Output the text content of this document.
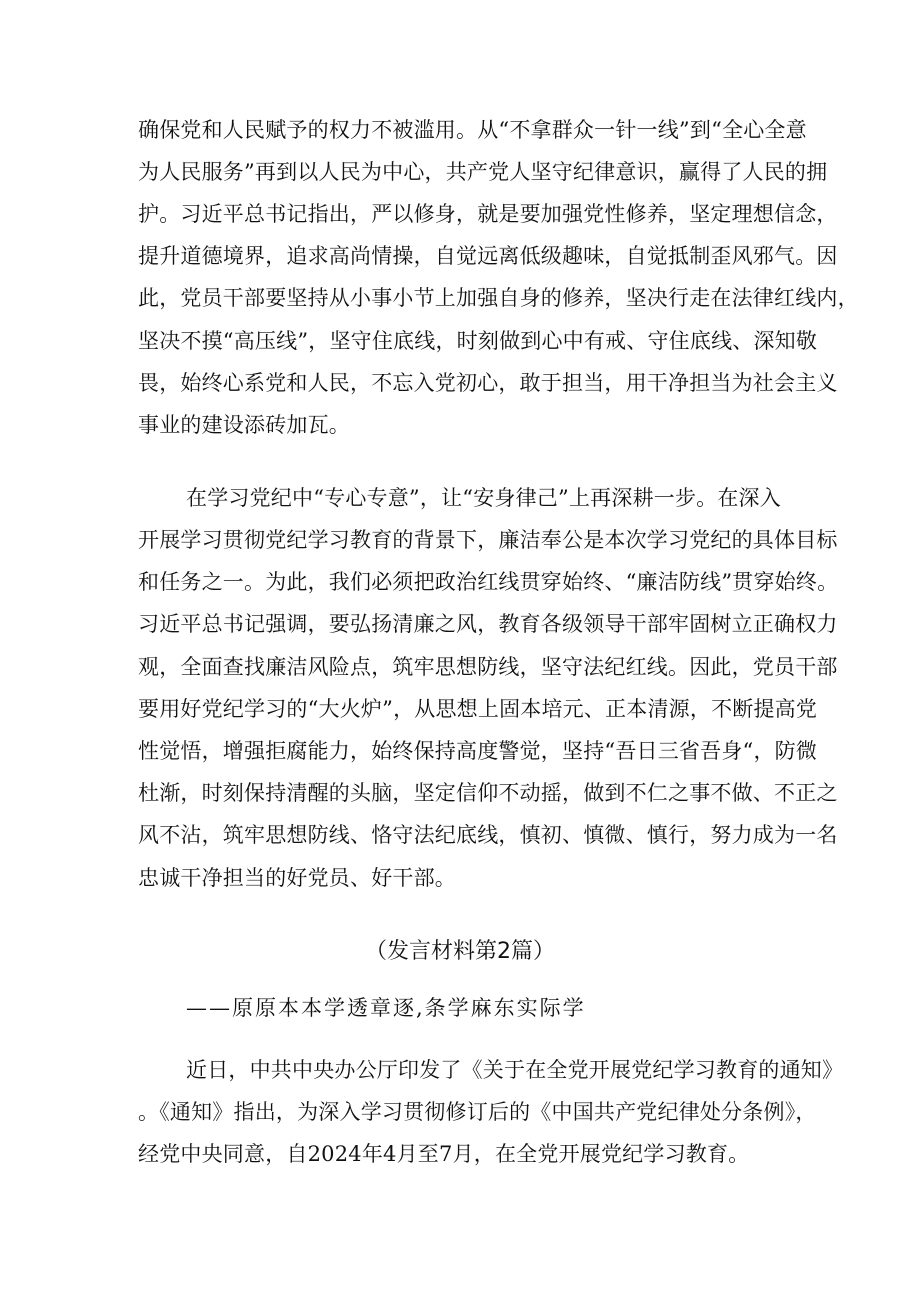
确保党和人民赋予的权力不被滥用。从“不拿群众一针一线”到“全心全意
为人民服务”再到以人民为中心，共产党人坚守纪律意识，赢得了人民的拥
护。习近平总书记指出，严以修身，就是要加强党性修养，坚定理想信念，
提升道德境界，追求高尚情操，自觉远离低级趣味，自觉抵制歪风邪气。因
此，党员干部要坚持从小事小节上加强自身的修养，坚决行走在法律红线内，
坚决不摸“高压线”，坚守住底线，时刻做到心中有戒、守住底线、深知敬
畏，始终心系党和人民，不忘入党初心，敢于担当，用干净担当为社会主义
事业的建设添砖加瓦。
在学习党纪中“专心专意”，让“安身律己”上再深耕一步。在深入
开展学习贯彻党纪学习教育的背景下，廉洁奉公是本次学习党纪的具体目标
和任务之一。为此，我们必须把政治红线贯穿始终、“廉洁防线”贯穿始终。
习近平总书记强调，要弘扬清廉之风，教育各级领导干部牢固树立正确权力
观，全面查找廉洁风险点，筑牢思想防线，坚守法纪红线。因此，党员干部
要用好党纪学习的“大火炉”，从思想上固本培元、正本清源，不断提高党
性觉悟，增强拒腐能力，始终保持高度警觉，坚持“吾日三省吾身“，防微
杜渐，时刻保持清醒的头脑，坚定信仰不动摇，做到不仁之事不做、不正之
风不沾，筑牢思想防线、恪守法纪底线，慎初、慎微、慎行，努力成为一名
忠诚干净担当的好党员、好干部。
（发言材料第2篇）
——原原本本学透章逐,条学麻东实际学
近日，中共中央办公厅印发了《关于在全党开展党纪学习教育的通知》
。《通知》指出，为深入学习贯彻修订后的《中国共产党纪律处分条例》，
经党中央同意，自2024年4月至7月，在全党开展党纪学习教育。
